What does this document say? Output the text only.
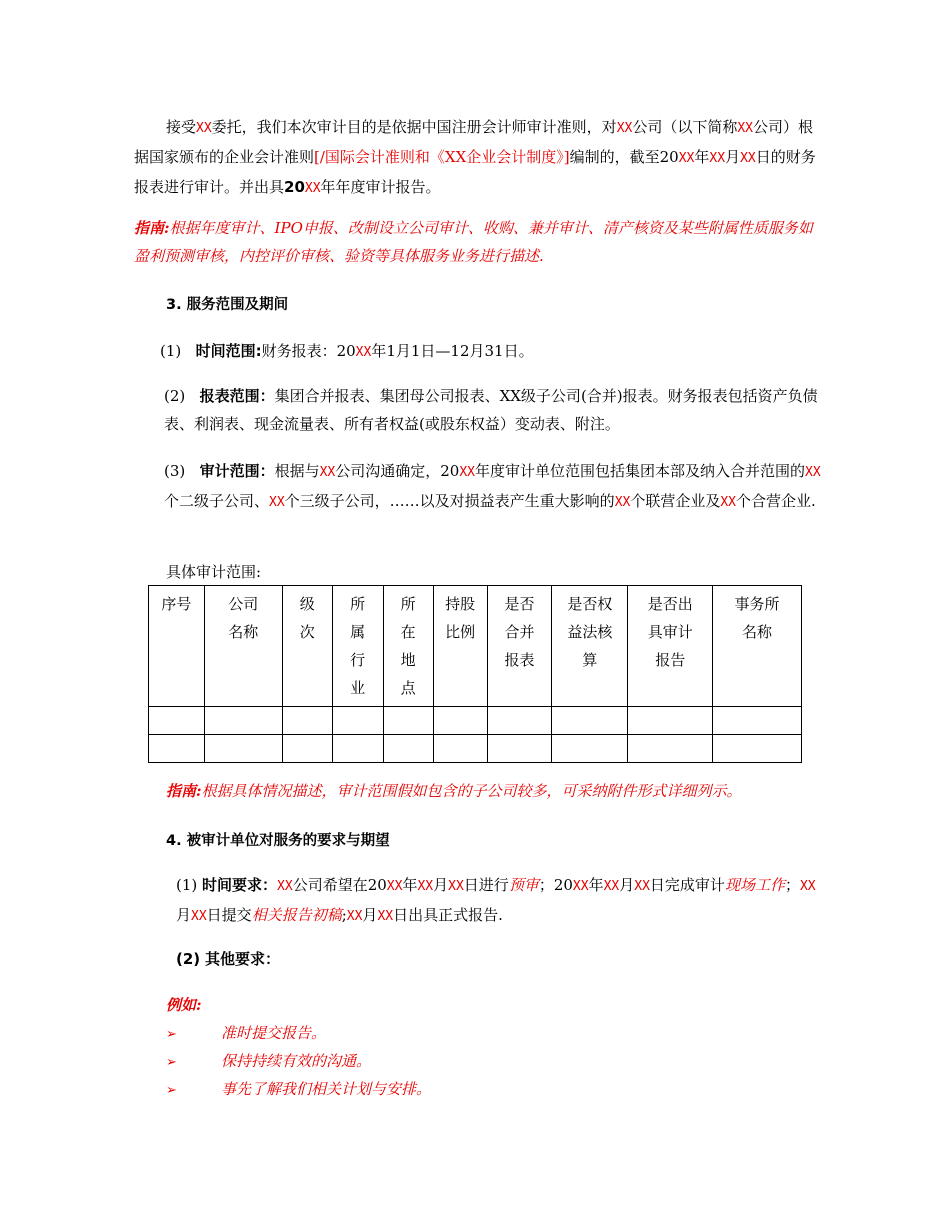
接受XX委托，我们本次审计目的是依据中国注册会计师审计准则，对XX公司（以下简称XX公司）根据国家颁布的企业会计准则[/国际会计准则和《XX企业会计制度》]编制的，截至20XX年XX月XX日的财务报表进行审计。并出具20XX年年度审计报告。

指南:根据年度审计、IPO申报、改制设立公司审计、收购、兼并审计、清产核资及某些附属性质服务如盈利预测审核，内控评价审核、验资等具体服务业务进行描述.

3. 服务范围及期间

(1) 时间范围:财务报表：20XX年1月1日—12月31日。

(2) 报表范围：集团合并报表、集团母公司报表、XX级子公司(合并)报表。财务报表包括资产负债表、利润表、现金流量表、所有者权益(或股东权益）变动表、附注。

(3) 审计范围：根据与XX公司沟通确定，20XX年度审计单位范围包括集团本部及纳入合并范围的XX个二级子公司、XX个三级子公司，……以及对损益表产生重大影响的XX个联营企业及XX个合营企业.

具体审计范围:

序号	公司名称	级次	所属行业	所在地点	持股比例	是否合并报表	是否权益法核算	是否出具审计报告	事务所名称

指南:根据具体情况描述，审计范围假如包含的子公司较多，可采纳附件形式详细列示。

4. 被审计单位对服务的要求与期望

(1) 时间要求：XX公司希望在20XX年XX月XX日进行预审；20XX年XX月XX日完成审计现场工作；XX月XX日提交相关报告初稿;XX月XX日出具正式报告.

(2) 其他要求：

例如:

➢	准时提交报告。

➢	保持持续有效的沟通。

➢	事先了解我们相关计划与安排。
